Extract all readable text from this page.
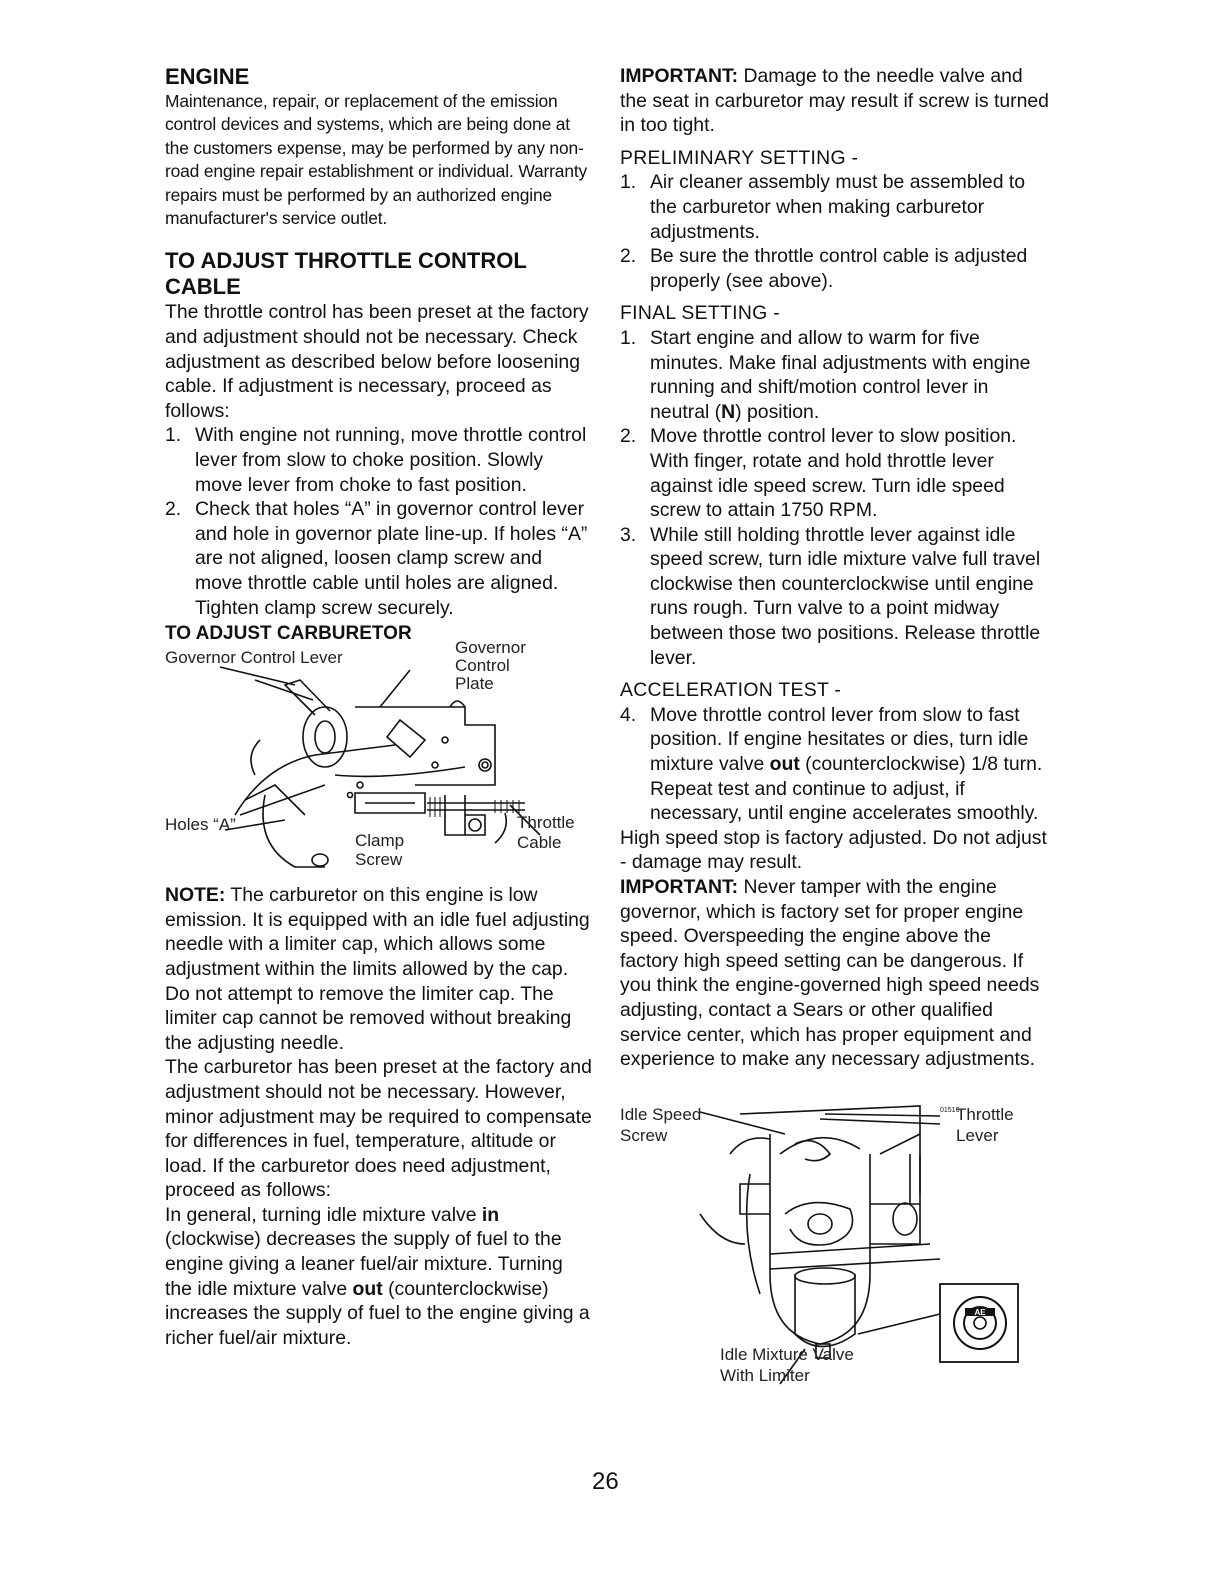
ENGINE

Maintenance, repair, or replacement of the emission control devices and systems, which are being done at the customers expense, may be performed by any non-road engine repair establishment or individual. Warranty repairs must be performed by an authorized engine manufacturer's service outlet.

TO ADJUST THROTTLE CONTROL CABLE

The throttle control has been preset at the factory and adjustment should not be necessary. Check adjustment as described below before loosening cable. If adjustment is necessary, proceed as follows:

1. With engine not running, move throttle control lever from slow to choke position. Slowly move lever from choke to fast position.
2. Check that holes “A” in governor control lever and hole in governor plate line-up. If holes “A” are not aligned, loosen clamp screw and move throttle cable until holes are aligned. Tighten clamp screw securely.
TO ADJUST CARBURETOR
Governor Control Lever
Governor Control Plate
Holes “A”
Clamp Screw
Throttle Cable

NOTE: The carburetor on this engine is low emission. It is equipped with an idle fuel adjusting needle with a limiter cap, which allows some adjustment within the limits allowed by the cap. Do not attempt to remove the limiter cap. The limiter cap cannot be removed without breaking the adjusting needle.

The carburetor has been preset at the factory and adjustment should not be necessary. However, minor adjustment may be required to compensate for differences in fuel, temperature, altitude or load. If the carburetor does need adjustment, proceed as follows:

In general, turning idle mixture valve in (clockwise) decreases the supply of fuel to the engine giving a leaner fuel/air mixture. Turning the idle mixture valve out (counterclockwise) increases the supply of fuel to the engine giving a richer fuel/air mixture.

IMPORTANT: Damage to the needle valve and the seat in carburetor may result if screw is turned in too tight.

PRELIMINARY SETTING -
1. Air cleaner assembly must be assembled to the carburetor when making carburetor adjustments.
2. Be sure the throttle control cable is adjusted properly (see above).
FINAL SETTING -
1. Start engine and allow to warm for five minutes. Make final adjustments with engine running and shift/motion control lever in neutral (N) position.
2. Move throttle control lever to slow position. With finger, rotate and hold throttle lever against idle speed screw. Turn idle speed screw to attain 1750 RPM.
3. While still holding throttle lever against idle speed screw, turn idle mixture valve full travel clockwise then counterclockwise until engine runs rough. Turn valve to a point midway between those two positions. Release throttle lever.
ACCELERATION TEST -
4. Move throttle control lever from slow to fast position. If engine hesitates or dies, turn idle mixture valve out (counterclockwise) 1/8 turn. Repeat test and continue to adjust, if necessary, until engine accelerates smoothly.

High speed stop is factory adjusted. Do not adjust - damage may result.

IMPORTANT: Never tamper with the engine governor, which is factory set for proper engine speed. Overspeeding the engine above the factory high speed setting can be dangerous. If you think the engine-governed high speed needs adjusting, contact a Sears or other qualified service center, which has proper equipment and experience to make any necessary adjustments.

AE
01516
Idle Speed Screw
Throttle Lever
Idle Mixture Valve With Limiter
26
